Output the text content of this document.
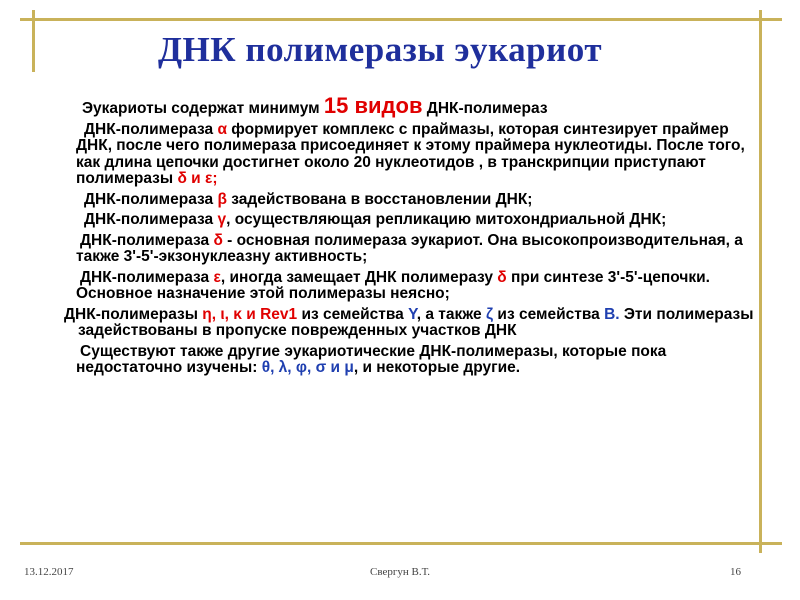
ДНК полимеразы эукариот

Эукариоты содержат минимум 15 видов ДНК-полимераз

ДНК-полимераза α формирует комплекс с праймазы, которая синтезирует праймер ДНК, после чего полимераза присоединяет к этому праймера нуклеотиды. После того, как длина цепочки достигнет около 20 нуклеотидов , в транскрипции приступают полимеразы δ и ε;

ДНК-полимераза β задействована в восстановлении ДНК;

ДНК-полимераза γ, осуществляющая репликацию митохондриальной ДНК;

ДНК-полимераза δ - основная полимераза эукариот. Она высокопроизводительная, а также 3'-5'-экзонуклеазну активность;

ДНК-полимераза ε, иногда замещает ДНК полимеразу δ при синтезе 3'-5'-цепочки. Основное назначение этой полимеразы неясно;

ДНК-полимеразы η, ι, κ и Rev1 из семейства Y, а также ζ из семейства B. Эти полимеразы задействованы в пропуске поврежденных участков ДНК

Существуют также другие эукариотические ДНК-полимеразы, которые пока недостаточно изучены: θ, λ, φ, σ и μ, и некоторые другие.

13.12.2017	Свергун В.Т.	16
